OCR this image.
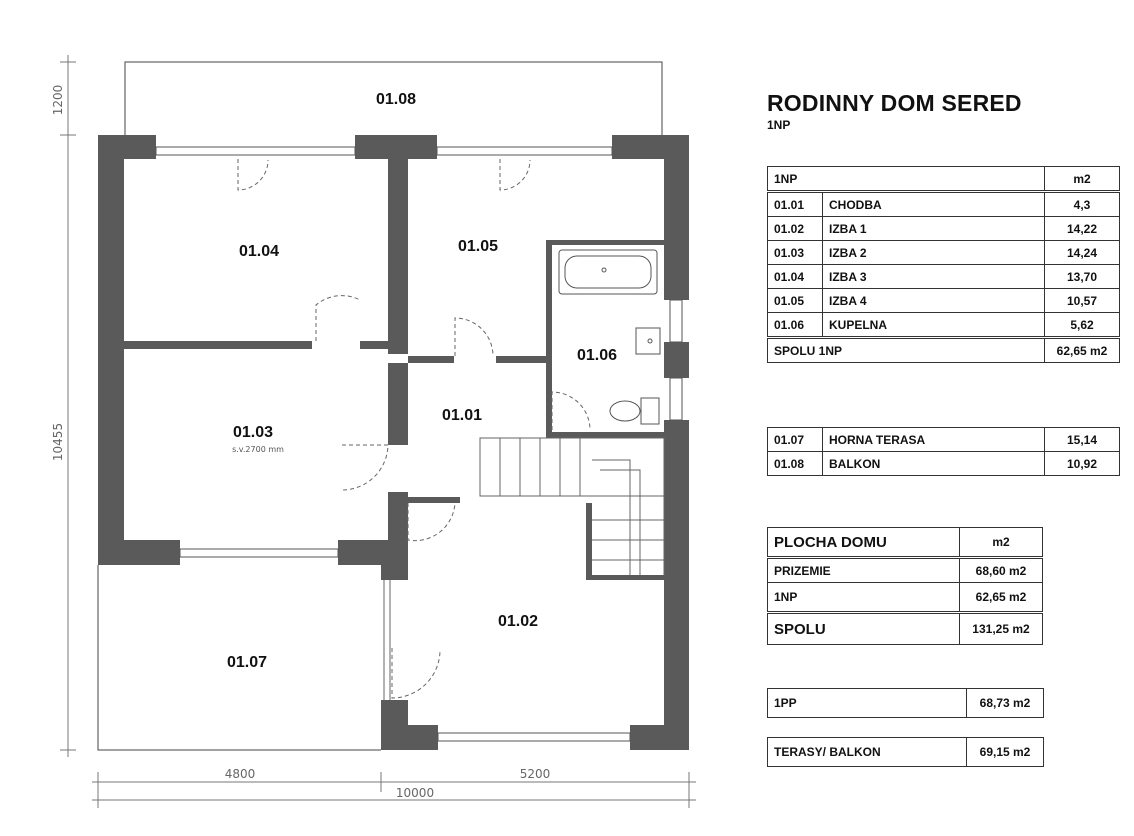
1200
10455
4800	5200
10000
01.08
01.04	01.05
01.06
01.03
s.v.2700 mm
01.01
01.02
01.07
RODINNY DOM SERED
1NP
1NP		m2
01.01	CHODBA	4,3
01.02	IZBA 1	14,22
01.03	IZBA 2	14,24
01.04	IZBA 3	13,70
01.05	IZBA 4	10,57
01.06	KUPELNA	5,62
SPOLU 1NP		62,65 m2
01.07	HORNA TERASA	15,14
01.08	BALKON	10,92
PLOCHA DOMU	m2
PRIZEMIE	68,60 m2
1NP	62,65 m2
SPOLU	131,25 m2
1PP	68,73 m2
TERASY/ BALKON	69,15 m2
